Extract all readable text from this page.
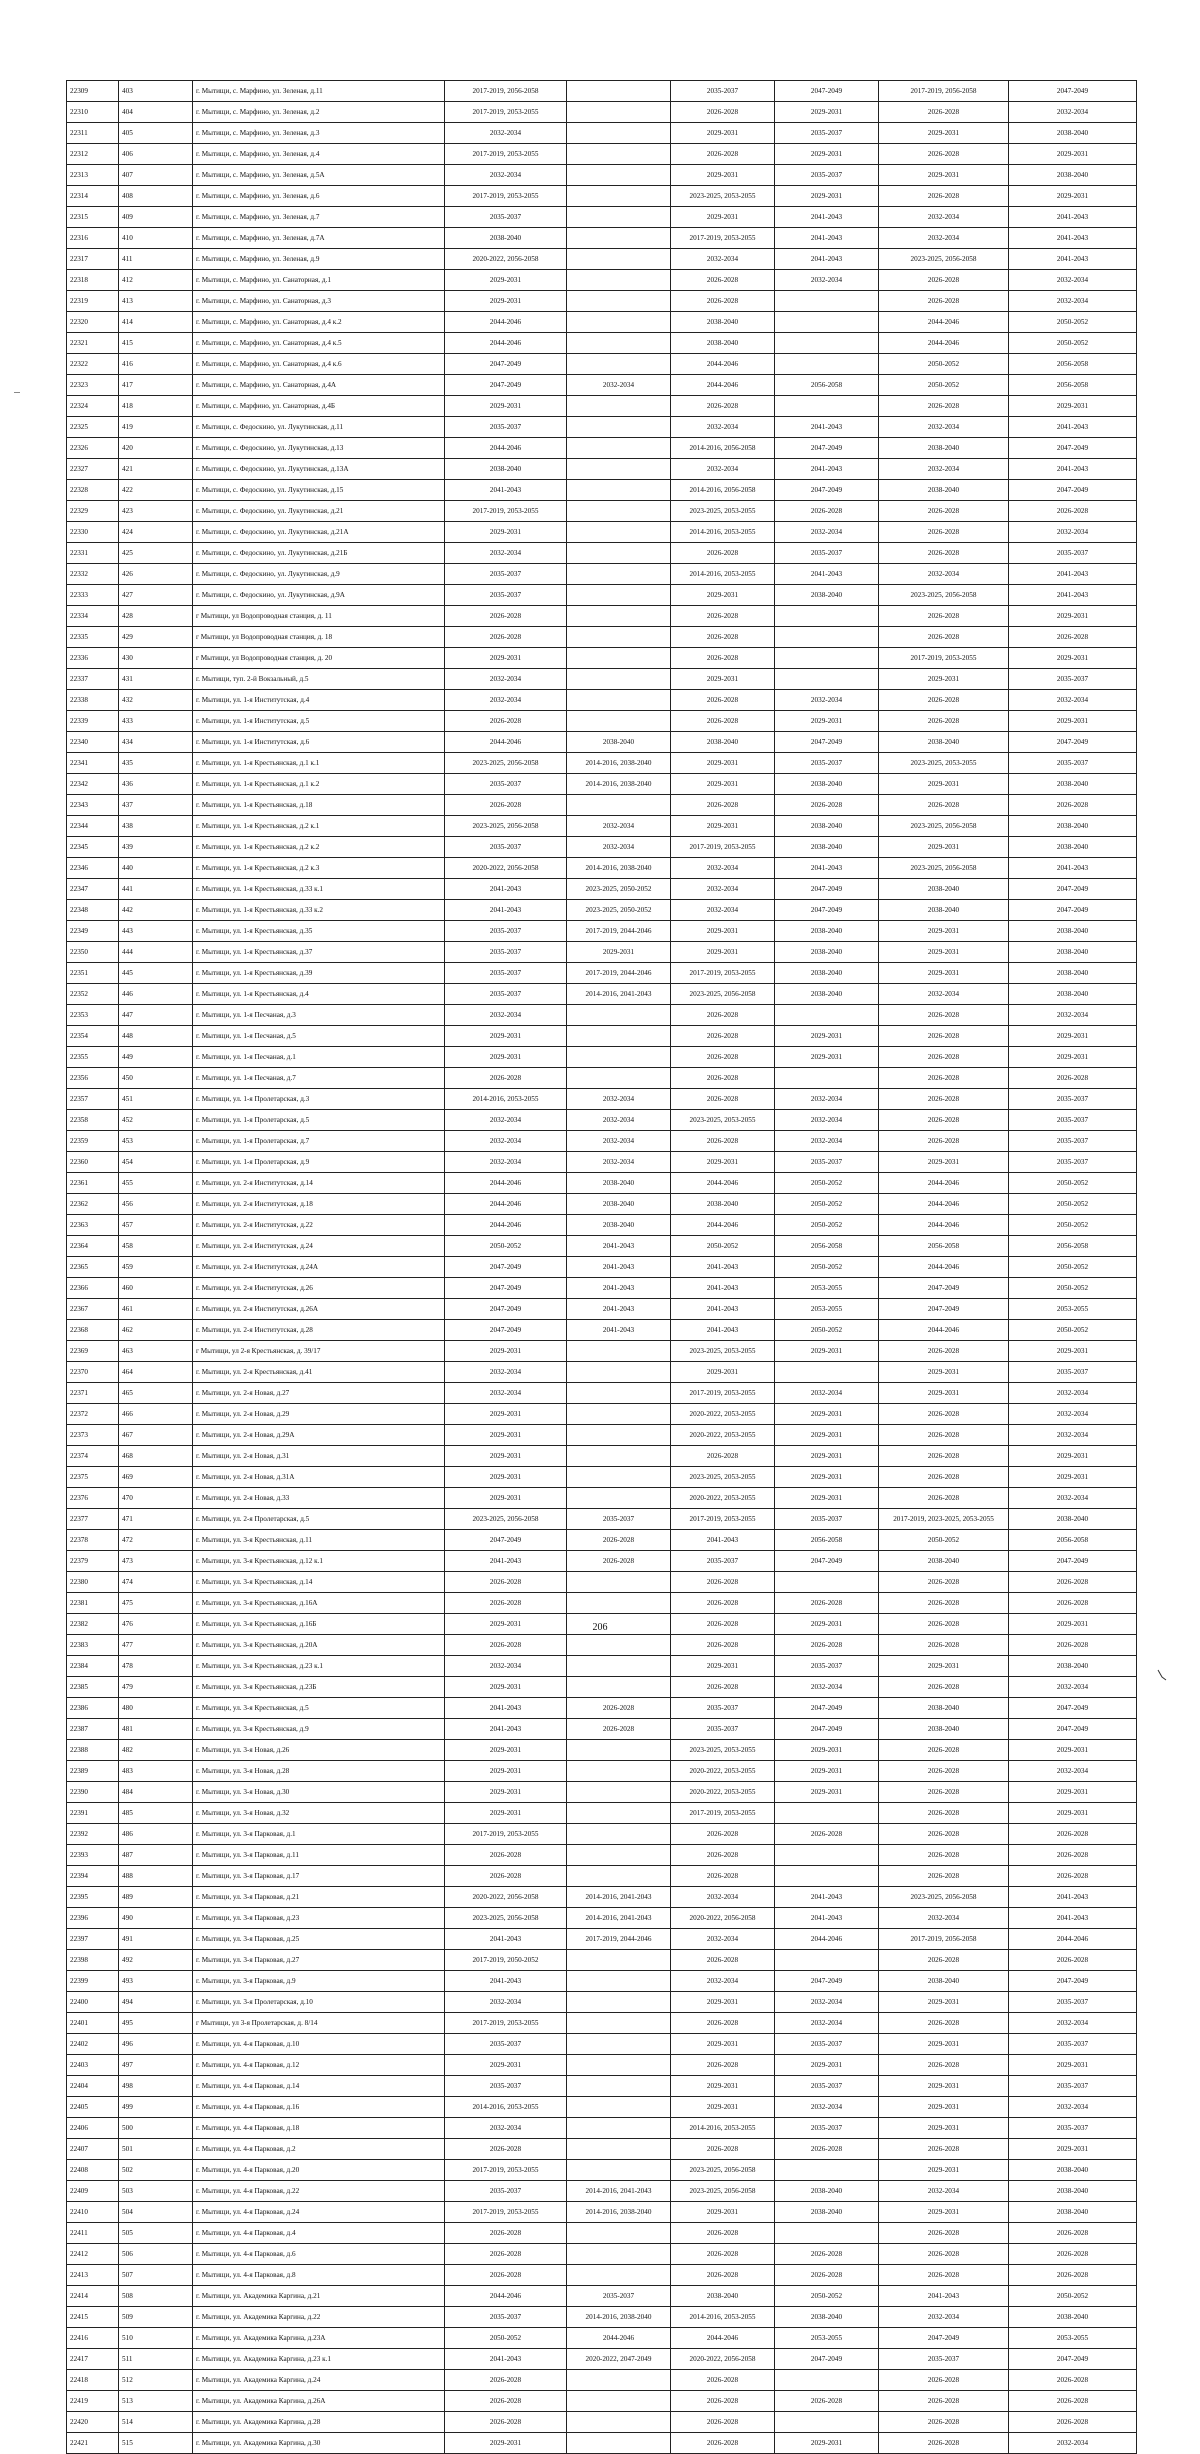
22309	403	г. Мытищи, с. Марфино, ул. Зеленая, д.11	2017-2019, 2056-2058		2035-2037	2047-2049	2017-2019, 2056-2058	2047-2049
22310	404	г. Мытищи, с. Марфино, ул. Зеленая, д.2	2017-2019, 2053-2055		2026-2028	2029-2031	2026-2028	2032-2034
22311	405	г. Мытищи, с. Марфино, ул. Зеленая, д.3	2032-2034		2029-2031	2035-2037	2029-2031	2038-2040
22312	406	г. Мытищи, с. Марфино, ул. Зеленая, д.4	2017-2019, 2053-2055		2026-2028	2029-2031	2026-2028	2029-2031
22313	407	г. Мытищи, с. Марфино, ул. Зеленая, д.5А	2032-2034		2029-2031	2035-2037	2029-2031	2038-2040
22314	408	г. Мытищи, с. Марфино, ул. Зеленая, д.6	2017-2019, 2053-2055		2023-2025, 2053-2055	2029-2031	2026-2028	2029-2031
22315	409	г. Мытищи, с. Марфино, ул. Зеленая, д.7	2035-2037		2029-2031	2041-2043	2032-2034	2041-2043
22316	410	г. Мытищи, с. Марфино, ул. Зеленая, д.7А	2038-2040		2017-2019, 2053-2055	2041-2043	2032-2034	2041-2043
22317	411	г. Мытищи, с. Марфино, ул. Зеленая, д.9	2020-2022, 2056-2058		2032-2034	2041-2043	2023-2025, 2056-2058	2041-2043
22318	412	г. Мытищи, с. Марфино, ул. Санаторная, д.1	2029-2031		2026-2028	2032-2034	2026-2028	2032-2034
22319	413	г. Мытищи, с. Марфино, ул. Санаторная, д.3	2029-2031		2026-2028		2026-2028	2032-2034
22320	414	г. Мытищи, с. Марфино, ул. Санаторная, д.4 к.2	2044-2046		2038-2040		2044-2046	2050-2052
22321	415	г. Мытищи, с. Марфино, ул. Санаторная, д.4 к.5	2044-2046		2038-2040		2044-2046	2050-2052
22322	416	г. Мытищи, с. Марфино, ул. Санаторная, д.4 к.6	2047-2049		2044-2046		2050-2052	2056-2058
22323	417	г. Мытищи, с. Марфино, ул. Санаторная, д.4А	2047-2049	2032-2034	2044-2046	2056-2058	2050-2052	2056-2058
22324	418	г. Мытищи, с. Марфино, ул. Санаторная, д.4Б	2029-2031		2026-2028		2026-2028	2029-2031
22325	419	г. Мытищи, с. Федоскино, ул. Лукутинская, д.11	2035-2037		2032-2034	2041-2043	2032-2034	2041-2043
22326	420	г. Мытищи, с. Федоскино, ул. Лукутинская, д.13	2044-2046		2014-2016, 2056-2058	2047-2049	2038-2040	2047-2049
22327	421	г. Мытищи, с. Федоскино, ул. Лукутинская, д.13А	2038-2040		2032-2034	2041-2043	2032-2034	2041-2043
22328	422	г. Мытищи, с. Федоскино, ул. Лукутинская, д.15	2041-2043		2014-2016, 2056-2058	2047-2049	2038-2040	2047-2049
22329	423	г. Мытищи, с. Федоскино, ул. Лукутинская, д.21	2017-2019, 2053-2055		2023-2025, 2053-2055	2026-2028	2026-2028	2026-2028
22330	424	г. Мытищи, с. Федоскино, ул. Лукутинская, д.21А	2029-2031		2014-2016, 2053-2055	2032-2034	2026-2028	2032-2034
22331	425	г. Мытищи, с. Федоскино, ул. Лукутинская, д.21Б	2032-2034		2026-2028	2035-2037	2026-2028	2035-2037
22332	426	г. Мытищи, с. Федоскино, ул. Лукутинская, д.9	2035-2037		2014-2016, 2053-2055	2041-2043	2032-2034	2041-2043
22333	427	г. Мытищи, с. Федоскино, ул. Лукутинская, д.9А	2035-2037		2029-2031	2038-2040	2023-2025, 2056-2058	2041-2043
22334	428	г Мытищи, ул Водопроводная станция, д. 11	2026-2028		2026-2028		2026-2028	2029-2031
22335	429	г Мытищи, ул Водопроводная станция, д. 18	2026-2028		2026-2028		2026-2028	2026-2028
22336	430	г Мытищи, ул Водопроводная станция, д. 20	2029-2031		2026-2028		2017-2019, 2053-2055	2029-2031
22337	431	г. Мытищи, туп. 2-й Вокзальный, д.5	2032-2034		2029-2031		2029-2031	2035-2037
22338	432	г. Мытищи, ул. 1-я Институтская, д.4	2032-2034		2026-2028	2032-2034	2026-2028	2032-2034
22339	433	г. Мытищи, ул. 1-я Институтская, д.5	2026-2028		2026-2028	2029-2031	2026-2028	2029-2031
22340	434	г. Мытищи, ул. 1-я Институтская, д.6	2044-2046	2038-2040	2038-2040	2047-2049	2038-2040	2047-2049
22341	435	г. Мытищи, ул. 1-я Крестьянская, д.1 к.1	2023-2025, 2056-2058	2014-2016, 2038-2040	2029-2031	2035-2037	2023-2025, 2053-2055	2035-2037
22342	436	г. Мытищи, ул. 1-я Крестьянская, д.1 к.2	2035-2037	2014-2016, 2038-2040	2029-2031	2038-2040	2029-2031	2038-2040
22343	437	г. Мытищи, ул. 1-я Крестьянская, д.18	2026-2028		2026-2028	2026-2028	2026-2028	2026-2028
22344	438	г. Мытищи, ул. 1-я Крестьянская, д.2 к.1	2023-2025, 2056-2058	2032-2034	2029-2031	2038-2040	2023-2025, 2056-2058	2038-2040
22345	439	г. Мытищи, ул. 1-я Крестьянская, д.2 к.2	2035-2037	2032-2034	2017-2019, 2053-2055	2038-2040	2029-2031	2038-2040
22346	440	г. Мытищи, ул. 1-я Крестьянская, д.2 к.3	2020-2022, 2056-2058	2014-2016, 2038-2040	2032-2034	2041-2043	2023-2025, 2056-2058	2041-2043
22347	441	г. Мытищи, ул. 1-я Крестьянская, д.33 к.1	2041-2043	2023-2025, 2050-2052	2032-2034	2047-2049	2038-2040	2047-2049
22348	442	г. Мытищи, ул. 1-я Крестьянская, д.33 к.2	2041-2043	2023-2025, 2050-2052	2032-2034	2047-2049	2038-2040	2047-2049
22349	443	г. Мытищи, ул. 1-я Крестьянская, д.35	2035-2037	2017-2019, 2044-2046	2029-2031	2038-2040	2029-2031	2038-2040
22350	444	г. Мытищи, ул. 1-я Крестьянская, д.37	2035-2037	2029-2031	2029-2031	2038-2040	2029-2031	2038-2040
22351	445	г. Мытищи, ул. 1-я Крестьянская, д.39	2035-2037	2017-2019, 2044-2046	2017-2019, 2053-2055	2038-2040	2029-2031	2038-2040
22352	446	г. Мытищи, ул. 1-я Крестьянская, д.4	2035-2037	2014-2016, 2041-2043	2023-2025, 2056-2058	2038-2040	2032-2034	2038-2040
22353	447	г. Мытищи, ул. 1-я Песчаная, д.3	2032-2034		2026-2028		2026-2028	2032-2034
22354	448	г. Мытищи, ул. 1-я Песчаная, д.5	2029-2031		2026-2028	2029-2031	2026-2028	2029-2031
22355	449	г. Мытищи, ул. 1-я Песчаная, д.1	2029-2031		2026-2028	2029-2031	2026-2028	2029-2031
22356	450	г. Мытищи, ул. 1-я Песчаная, д.7	2026-2028		2026-2028		2026-2028	2026-2028
22357	451	г. Мытищи, ул. 1-я Пролетарская, д.3	2014-2016, 2053-2055	2032-2034	2026-2028	2032-2034	2026-2028	2035-2037
22358	452	г. Мытищи, ул. 1-я Пролетарская, д.5	2032-2034	2032-2034	2023-2025, 2053-2055	2032-2034	2026-2028	2035-2037
22359	453	г. Мытищи, ул. 1-я Пролетарская, д.7	2032-2034	2032-2034	2026-2028	2032-2034	2026-2028	2035-2037
22360	454	г. Мытищи, ул. 1-я Пролетарская, д.9	2032-2034	2032-2034	2029-2031	2035-2037	2029-2031	2035-2037
22361	455	г. Мытищи, ул. 2-я Институтская, д.14	2044-2046	2038-2040	2044-2046	2050-2052	2044-2046	2050-2052
22362	456	г. Мытищи, ул. 2-я Институтская, д.18	2044-2046	2038-2040	2038-2040	2050-2052	2044-2046	2050-2052
22363	457	г. Мытищи, ул. 2-я Институтская, д.22	2044-2046	2038-2040	2044-2046	2050-2052	2044-2046	2050-2052
22364	458	г. Мытищи, ул. 2-я Институтская, д.24	2050-2052	2041-2043	2050-2052	2056-2058	2056-2058	2056-2058
22365	459	г. Мытищи, ул. 2-я Институтская, д.24А	2047-2049	2041-2043	2041-2043	2050-2052	2044-2046	2050-2052
22366	460	г. Мытищи, ул. 2-я Институтская, д.26	2047-2049	2041-2043	2041-2043	2053-2055	2047-2049	2050-2052
22367	461	г. Мытищи, ул. 2-я Институтская, д.26А	2047-2049	2041-2043	2041-2043	2053-2055	2047-2049	2053-2055
22368	462	г. Мытищи, ул. 2-я Институтская, д.28	2047-2049	2041-2043	2041-2043	2050-2052	2044-2046	2050-2052
22369	463	г Мытищи, ул 2-я Крестьянская, д. 39/17	2029-2031		2023-2025, 2053-2055	2029-2031	2026-2028	2029-2031
22370	464	г. Мытищи, ул. 2-я Крестьянская, д.41	2032-2034		2029-2031		2029-2031	2035-2037
22371	465	г. Мытищи, ул. 2-я Новая, д.27	2032-2034		2017-2019, 2053-2055	2032-2034	2029-2031	2032-2034
22372	466	г. Мытищи, ул. 2-я Новая, д.29	2029-2031		2020-2022, 2053-2055	2029-2031	2026-2028	2032-2034
22373	467	г. Мытищи, ул. 2-я Новая, д.29А	2029-2031		2020-2022, 2053-2055	2029-2031	2026-2028	2032-2034
22374	468	г. Мытищи, ул. 2-я Новая, д.31	2029-2031		2026-2028	2029-2031	2026-2028	2029-2031
22375	469	г. Мытищи, ул. 2-я Новая, д.31А	2029-2031		2023-2025, 2053-2055	2029-2031	2026-2028	2029-2031
22376	470	г. Мытищи, ул. 2-я Новая, д.33	2029-2031		2020-2022, 2053-2055	2029-2031	2026-2028	2032-2034
22377	471	г. Мытищи, ул. 2-я Пролетарская, д.5	2023-2025, 2056-2058	2035-2037	2017-2019, 2053-2055	2035-2037	2017-2019, 2023-2025, 2053-2055	2038-2040
22378	472	г. Мытищи, ул. 3-я Крестьянская, д.11	2047-2049	2026-2028	2041-2043	2056-2058	2050-2052	2056-2058
22379	473	г. Мытищи, ул. 3-я Крестьянская, д.12 к.1	2041-2043	2026-2028	2035-2037	2047-2049	2038-2040	2047-2049
22380	474	г. Мытищи, ул. 3-я Крестьянская, д.14	2026-2028		2026-2028		2026-2028	2026-2028
22381	475	г. Мытищи, ул. 3-я Крестьянская, д.16А	2026-2028		2026-2028	2026-2028	2026-2028	2026-2028
22382	476	г. Мытищи, ул. 3-я Крестьянская, д.16Б	2029-2031		2026-2028	2029-2031	2026-2028	2029-2031
22383	477	г. Мытищи, ул. 3-я Крестьянская, д.20А	2026-2028		2026-2028	2026-2028	2026-2028	2026-2028
22384	478	г. Мытищи, ул. 3-я Крестьянская, д.23 к.1	2032-2034		2029-2031	2035-2037	2029-2031	2038-2040
22385	479	г. Мытищи, ул. 3-я Крестьянская, д.23Б	2029-2031		2026-2028	2032-2034	2026-2028	2032-2034
22386	480	г. Мытищи, ул. 3-я Крестьянская, д.5	2041-2043	2026-2028	2035-2037	2047-2049	2038-2040	2047-2049
22387	481	г. Мытищи, ул. 3-я Крестьянская, д.9	2041-2043	2026-2028	2035-2037	2047-2049	2038-2040	2047-2049
22388	482	г. Мытищи, ул. 3-я Новая, д.26	2029-2031		2023-2025, 2053-2055	2029-2031	2026-2028	2029-2031
22389	483	г. Мытищи, ул. 3-я Новая, д.28	2029-2031		2020-2022, 2053-2055	2029-2031	2026-2028	2032-2034
22390	484	г. Мытищи, ул. 3-я Новая, д.30	2029-2031		2020-2022, 2053-2055	2029-2031	2026-2028	2029-2031
22391	485	г. Мытищи, ул. 3-я Новая, д.32	2029-2031		2017-2019, 2053-2055		2026-2028	2029-2031
22392	486	г. Мытищи, ул. 3-я Парковая, д.1	2017-2019, 2053-2055		2026-2028	2026-2028	2026-2028	2026-2028
22393	487	г. Мытищи, ул. 3-я Парковая, д.11	2026-2028		2026-2028		2026-2028	2026-2028
22394	488	г. Мытищи, ул. 3-я Парковая, д.17	2026-2028		2026-2028		2026-2028	2026-2028
22395	489	г. Мытищи, ул. 3-я Парковая, д.21	2020-2022, 2056-2058	2014-2016, 2041-2043	2032-2034	2041-2043	2023-2025, 2056-2058	2041-2043
22396	490	г. Мытищи, ул. 3-я Парковая, д.23	2023-2025, 2056-2058	2014-2016, 2041-2043	2020-2022, 2056-2058	2041-2043	2032-2034	2041-2043
22397	491	г. Мытищи, ул. 3-я Парковая, д.25	2041-2043	2017-2019, 2044-2046	2032-2034	2044-2046	2017-2019, 2056-2058	2044-2046
22398	492	г. Мытищи, ул. 3-я Парковая, д.27	2017-2019, 2050-2052		2026-2028		2026-2028	2026-2028
22399	493	г. Мытищи, ул. 3-я Парковая, д.9	2041-2043		2032-2034	2047-2049	2038-2040	2047-2049
22400	494	г. Мытищи, ул. 3-я Пролетарская, д.10	2032-2034		2029-2031	2032-2034	2029-2031	2035-2037
22401	495	г Мытищи, ул 3-я Пролетарская, д. 8/14	2017-2019, 2053-2055		2026-2028	2032-2034	2026-2028	2032-2034
22402	496	г. Мытищи, ул. 4-я Парковая, д.10	2035-2037		2029-2031	2035-2037	2029-2031	2035-2037
22403	497	г. Мытищи, ул. 4-я Парковая, д.12	2029-2031		2026-2028	2029-2031	2026-2028	2029-2031
22404	498	г. Мытищи, ул. 4-я Парковая, д.14	2035-2037		2029-2031	2035-2037	2029-2031	2035-2037
22405	499	г. Мытищи, ул. 4-я Парковая, д.16	2014-2016, 2053-2055		2029-2031	2032-2034	2029-2031	2032-2034
22406	500	г. Мытищи, ул. 4-я Парковая, д.18	2032-2034		2014-2016, 2053-2055	2035-2037	2029-2031	2035-2037
22407	501	г. Мытищи, ул. 4-я Парковая, д.2	2026-2028		2026-2028	2026-2028	2026-2028	2029-2031
22408	502	г. Мытищи, ул. 4-я Парковая, д.20	2017-2019, 2053-2055		2023-2025, 2056-2058		2029-2031	2038-2040
22409	503	г. Мытищи, ул. 4-я Парковая, д.22	2035-2037	2014-2016, 2041-2043	2023-2025, 2056-2058	2038-2040	2032-2034	2038-2040
22410	504	г. Мытищи, ул. 4-я Парковая, д.24	2017-2019, 2053-2055	2014-2016, 2038-2040	2029-2031	2038-2040	2029-2031	2038-2040
22411	505	г. Мытищи, ул. 4-я Парковая, д.4	2026-2028		2026-2028		2026-2028	2026-2028
22412	506	г. Мытищи, ул. 4-я Парковая, д.6	2026-2028		2026-2028	2026-2028	2026-2028	2026-2028
22413	507	г. Мытищи, ул. 4-я Парковая, д.8	2026-2028		2026-2028	2026-2028	2026-2028	2026-2028
22414	508	г. Мытищи, ул. Академика Каргина, д.21	2044-2046	2035-2037	2038-2040	2050-2052	2041-2043	2050-2052
22415	509	г. Мытищи, ул. Академика Каргина, д.22	2035-2037	2014-2016, 2038-2040	2014-2016, 2053-2055	2038-2040	2032-2034	2038-2040
22416	510	г. Мытищи, ул. Академика Каргина, д.23А	2050-2052	2044-2046	2044-2046	2053-2055	2047-2049	2053-2055
22417	511	г. Мытищи, ул. Академика Каргина, д.23 к.1	2041-2043	2020-2022, 2047-2049	2020-2022, 2056-2058	2047-2049	2035-2037	2047-2049
22418	512	г. Мытищи, ул. Академика Каргина, д.24	2026-2028		2026-2028		2026-2028	2026-2028
22419	513	г. Мытищи, ул. Академика Каргина, д.26А	2026-2028		2026-2028	2026-2028	2026-2028	2026-2028
22420	514	г. Мытищи, ул. Академика Каргина, д.28	2026-2028		2026-2028		2026-2028	2026-2028
22421	515	г. Мытищи, ул. Академика Каргина, д.30	2029-2031		2026-2028	2029-2031	2026-2028	2032-2034
206
